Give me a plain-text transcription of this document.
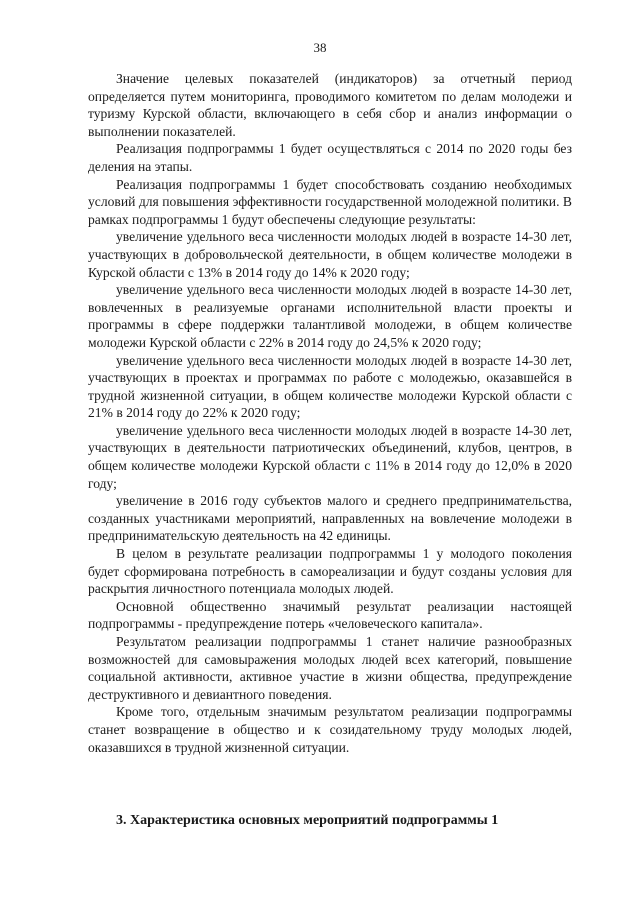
38

Значение целевых показателей (индикаторов) за отчетный период определяется путем мониторинга, проводимого комитетом по делам молодежи и туризму Курской области, включающего в себя сбор и анализ информации о выполнении показателей.

Реализация подпрограммы 1 будет осуществляться с 2014 по 2020 годы без деления на этапы.

Реализация подпрограммы 1 будет способствовать созданию необходимых условий для повышения эффективности государственной молодежной политики. В рамках подпрограммы 1 будут обеспечены следующие результаты:

увеличение удельного веса численности молодых людей в возрасте 14-30 лет, участвующих в добровольческой деятельности, в общем количестве молодежи в Курской области с 13% в 2014 году до 14% к 2020 году;

увеличение удельного веса численности молодых людей в возрасте 14-30 лет, вовлеченных в реализуемые органами исполнительной власти проекты и программы в сфере поддержки талантливой молодежи, в общем количестве молодежи Курской области с 22% в 2014 году до 24,5% к 2020 году;

увеличение удельного веса численности молодых людей в возрасте 14-30 лет, участвующих в проектах и программах по работе с молодежью, оказавшейся в трудной жизненной ситуации, в общем количестве молодежи Курской области с 21% в 2014 году до 22% к 2020 году;

увеличение удельного веса численности молодых людей в возрасте 14-30 лет, участвующих в деятельности патриотических объединений, клубов, центров, в общем количестве молодежи Курской области с 11% в 2014 году до 12,0% в 2020 году;

увеличение в 2016 году субъектов малого и среднего предпринимательства, созданных участниками мероприятий, направленных на вовлечение молодежи в предпринимательскую деятельность на 42 единицы.

В целом в результате реализации подпрограммы 1 у молодого поколения будет сформирована потребность в самореализации и будут созданы условия для раскрытия личностного потенциала молодых людей.

Основной общественно значимый результат реализации настоящей подпрограммы - предупреждение потерь «человеческого капитала».

Результатом реализации подпрограммы 1 станет наличие разнообразных возможностей для самовыражения молодых людей всех категорий, повышение социальной активности, активное участие в жизни общества, предупреждение деструктивного и девиантного поведения.

Кроме того, отдельным значимым результатом реализации подпрограммы станет возвращение в общество и к созидательному труду молодых людей, оказавшихся в трудной жизненной ситуации.

3. Характеристика основных мероприятий подпрограммы 1
